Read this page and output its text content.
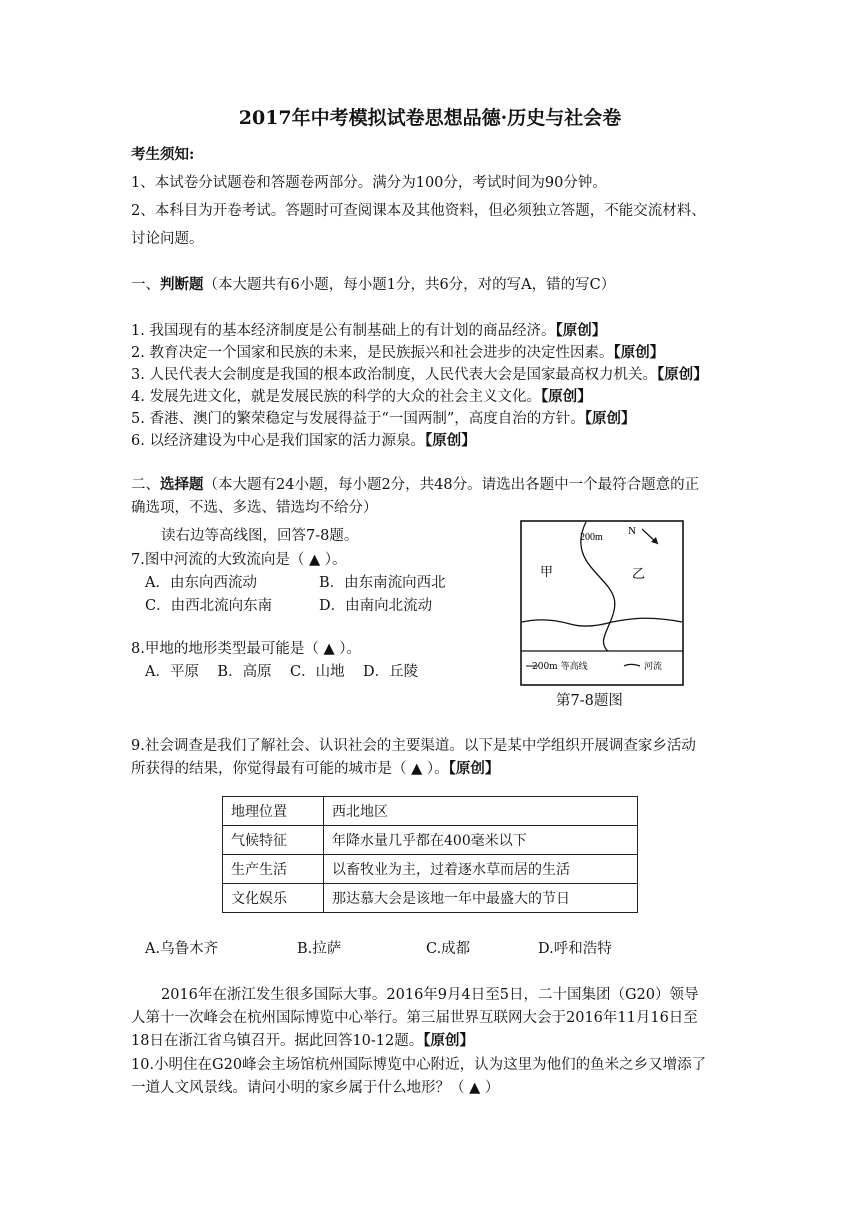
2017年中考模拟试卷思想品德·历史与社会卷
考生须知:
1、本试卷分试题卷和答题卷两部分。满分为100分，考试时间为90分钟。
2、本科目为开卷考试。答题时可查阅课本及其他资料，但必须独立答题，不能交流材料、
讨论问题。
一、判断题（本大题共有6小题，每小题1分，共6分，对的写A，错的写C）
1. 我国现有的基本经济制度是公有制基础上的有计划的商品经济。【原创】
2. 教育决定一个国家和民族的未来，是民族振兴和社会进步的决定性因素。【原创】
3. 人民代表大会制度是我国的根本政治制度，人民代表大会是国家最高权力机关。【原创】
4. 发展先进文化，就是发展民族的科学的大众的社会主义文化。【原创】
5. 香港、澳门的繁荣稳定与发展得益于“一国两制”，高度自治的方针。【原创】
6. 以经济建设为中心是我们国家的活力源泉。【原创】
二、选择题（本大题有24小题，每小题2分，共48分。请选出各题中一个最符合题意的正
确选项，不选、多选、错选均不给分）
读右边等高线图，回答7-8题。
7.图中河流的大致流向是（ ▲ ）。
A．由东向西流动	B．由东南流向西北
C．由西北流向东南	D．由南向北流动
8.甲地的地形类型最可能是（ ▲ ）。
A．平原    B．高原    C．山地    D．丘陵
200m
N
甲	乙
200m 等高线	河流
第7-8题图
9.社会调查是我们了解社会、认识社会的主要渠道。以下是某中学组织开展调查家乡活动
所获得的结果，你觉得最有可能的城市是（ ▲ ）。【原创】
地理位置	西北地区
气候特征	年降水量几乎都在400毫米以下
生产生活	以畜牧业为主，过着逐水草而居的生活
文化娱乐	那达慕大会是该地一年中最盛大的节日
A.乌鲁木齐	B.拉萨	C.成都	D.呼和浩特
2016年在浙江发生很多国际大事。2016年9月4日至5日，二十国集团（G20）领导
人第十一次峰会在杭州国际博览中心举行。第三届世界互联网大会于2016年11月16日至
18日在浙江省乌镇召开。据此回答10-12题。【原创】
10.小明住在G20峰会主场馆杭州国际博览中心附近，认为这里为他们的鱼米之乡又增添了
一道人文风景线。请问小明的家乡属于什么地形？（ ▲ ）
